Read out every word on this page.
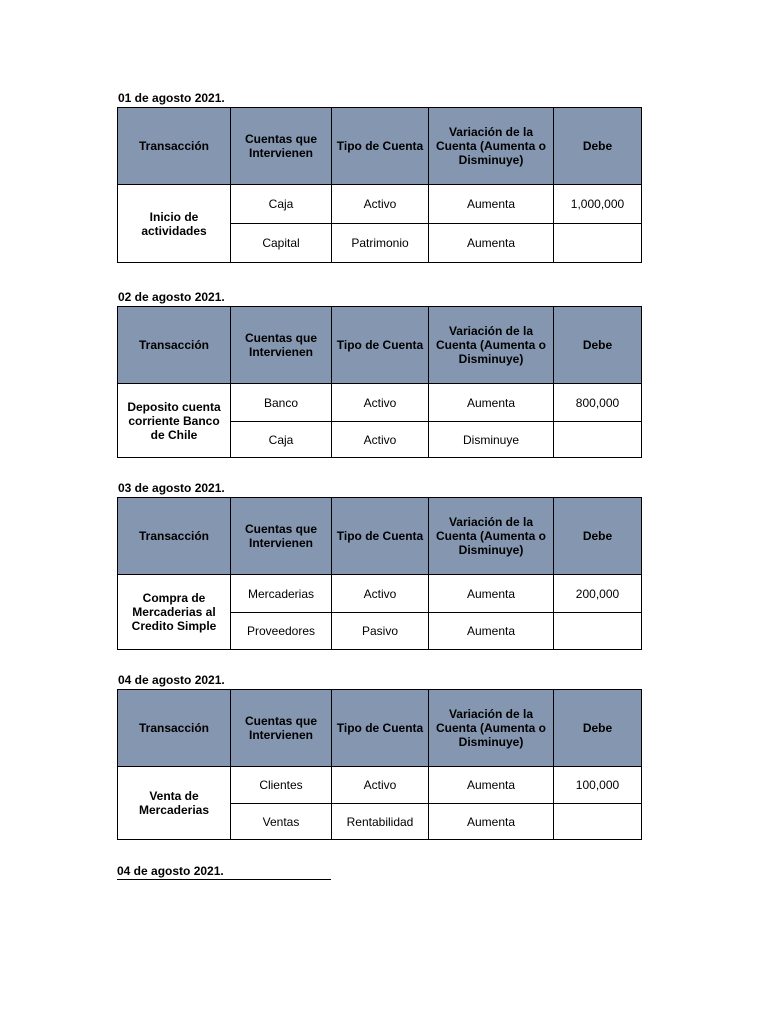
01 de agosto 2021.
Transacción	Cuentas que Intervienen	Tipo de Cuenta	Variación de la Cuenta (Aumenta o Disminuye)	Debe
Inicio de actividades	Caja	Activo	Aumenta	1,000,000
	Capital	Patrimonio	Aumenta	
02 de agosto 2021.
Transacción	Cuentas que Intervienen	Tipo de Cuenta	Variación de la Cuenta (Aumenta o Disminuye)	Debe
Deposito cuenta corriente Banco de Chile	Banco	Activo	Aumenta	800,000
	Caja	Activo	Disminuye	
03 de agosto 2021.
Transacción	Cuentas que Intervienen	Tipo de Cuenta	Variación de la Cuenta (Aumenta o Disminuye)	Debe
Compra de Mercaderias al Credito Simple	Mercaderias	Activo	Aumenta	200,000
	Proveedores	Pasivo	Aumenta	
04 de agosto 2021.
Transacción	Cuentas que Intervienen	Tipo de Cuenta	Variación de la Cuenta (Aumenta o Disminuye)	Debe
Venta de Mercaderias	Clientes	Activo	Aumenta	100,000
	Ventas	Rentabilidad	Aumenta	
04 de agosto 2021.
